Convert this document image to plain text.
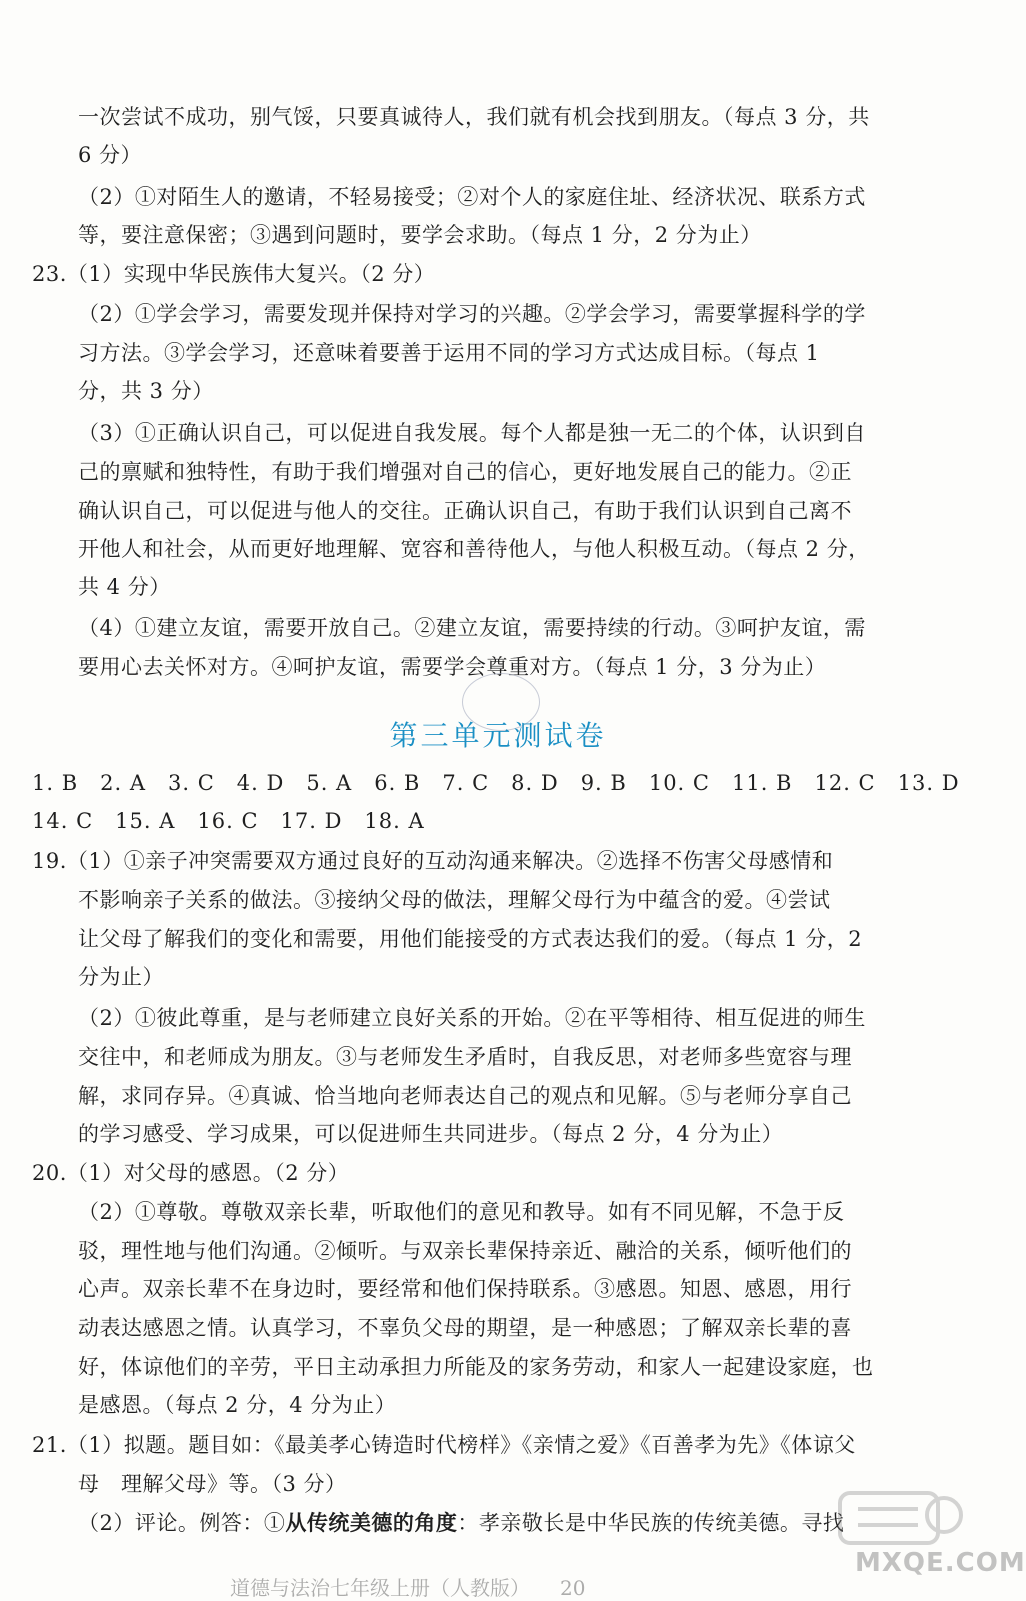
一次尝试不成功，别气馁，只要真诚待人，我们就有机会找到朋友。（每点 3 分，共

6 分）

（2）①对陌生人的邀请，不轻易接受；②对个人的家庭住址、经济状况、联系方式

等，要注意保密；③遇到问题时，要学会求助。（每点 1 分，2 分为止）

23.（1）实现中华民族伟大复兴。（2 分）

（2）①学会学习，需要发现并保持对学习的兴趣。②学会学习，需要掌握科学的学

习方法。③学会学习，还意味着要善于运用不同的学习方式达成目标。（每点 1

分，共 3 分）

（3）①正确认识自己，可以促进自我发展。每个人都是独一无二的个体，认识到自

己的禀赋和独特性，有助于我们增强对自己的信心，更好地发展自己的能力。②正

确认识自己，可以促进与他人的交往。正确认识自己，有助于我们认识到自己离不

开他人和社会，从而更好地理解、宽容和善待他人，与他人积极互动。（每点 2 分，

共 4 分）

（4）①建立友谊，需要开放自己。②建立友谊，需要持续的行动。③呵护友谊，需

要用心去关怀对方。④呵护友谊，需要学会尊重对方。（每点 1 分，3 分为止）

第三单元测试卷

1. B　2. A　3. C　4. D　5. A　6. B　7. C　8. D　9. B　10. C　11. B　12. C　13. D

14. C　15. A　16. C　17. D　18. A

19.（1）①亲子冲突需要双方通过良好的互动沟通来解决。②选择不伤害父母感情和

不影响亲子关系的做法。③接纳父母的做法，理解父母行为中蕴含的爱。④尝试

让父母了解我们的变化和需要，用他们能接受的方式表达我们的爱。（每点 1 分，2

分为止）

（2）①彼此尊重，是与老师建立良好关系的开始。②在平等相待、相互促进的师生

交往中，和老师成为朋友。③与老师发生矛盾时，自我反思，对老师多些宽容与理

解，求同存异。④真诚、恰当地向老师表达自己的观点和见解。⑤与老师分享自己

的学习感受、学习成果，可以促进师生共同进步。（每点 2 分，4 分为止）

20.（1）对父母的感恩。（2 分）

（2）①尊敬。尊敬双亲长辈，听取他们的意见和教导。如有不同见解，不急于反

驳，理性地与他们沟通。②倾听。与双亲长辈保持亲近、融洽的关系，倾听他们的

心声。双亲长辈不在身边时，要经常和他们保持联系。③感恩。知恩、感恩，用行

动表达感恩之情。认真学习，不辜负父母的期望，是一种感恩；了解双亲长辈的喜

好，体谅他们的辛劳，平日主动承担力所能及的家务劳动，和家人一起建设家庭，也

是感恩。（每点 2 分，4 分为止）

21.（1）拟题。题目如：《最美孝心铸造时代榜样》《亲情之爱》《百善孝为先》《体谅父

母　理解父母》等。（3 分）

（2）评论。例答：①从传统美德的角度：孝亲敬长是中华民族的传统美德。寻找

MXQE.COM
道德与法治七年级上册（人教版）　　20
